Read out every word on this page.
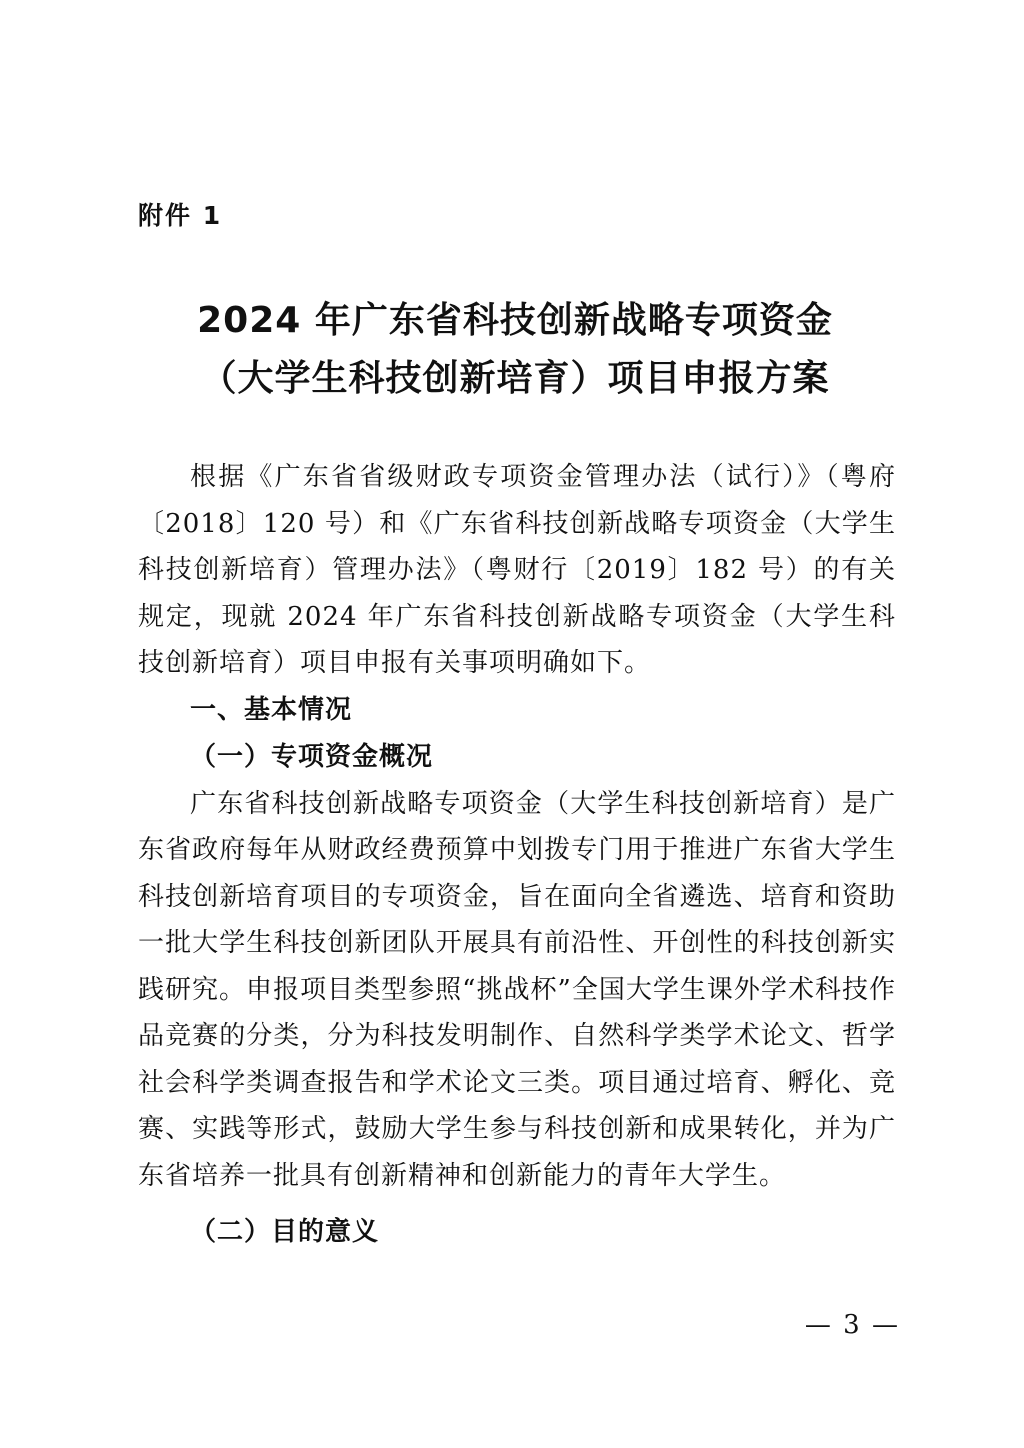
附件 1
2024 年广东省科技创新战略专项资金
（大学生科技创新培育）项目申报方案

根据《广东省省级财政专项资金管理办法（试行）》（粤府〔2018〕120 号）和《广东省科技创新战略专项资金（大学生科技创新培育）管理办法》（粤财行〔2019〕182 号）的有关规定，现就 2024 年广东省科技创新战略专项资金（大学生科技创新培育）项目申报有关事项明确如下。

一、基本情况

（一）专项资金概况

广东省科技创新战略专项资金（大学生科技创新培育）是广东省政府每年从财政经费预算中划拨专门用于推进广东省大学生科技创新培育项目的专项资金，旨在面向全省遴选、培育和资助一批大学生科技创新团队开展具有前沿性、开创性的科技创新实践研究。申报项目类型参照“挑战杯”全国大学生课外学术科技作品竞赛的分类，分为科技发明制作、自然科学类学术论文、哲学社会科学类调查报告和学术论文三类。项目通过培育、孵化、竞赛、实践等形式，鼓励大学生参与科技创新和成果转化，并为广东省培养一批具有创新精神和创新能力的青年大学生。

（二）目的意义

— 3 —
